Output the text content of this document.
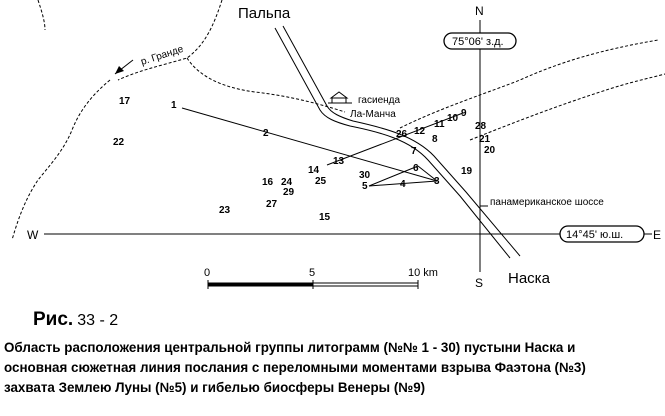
р. Гранде
N
S
W	E
75°06' з.д.
14°45' ю.ш.
Пальпа
Наска
гасиенда
Ла-Манча
панамериканское шоссе
0	5	10 km
1
2
3
4
5
6
7
8
9
10
11
12
13
14
15
16
17
19
20
21
22
23
24 25
26
27
28
29
30
Рис. 33 - 2
Область расположения центральной группы литограмм (№№ 1 - 30) пустыни Наска и
основная сюжетная линия послания с переломными моментами взрыва Фаэтона (№3)
захвата Землею Луны (№5) и гибелью биосферы Венеры (№9)
